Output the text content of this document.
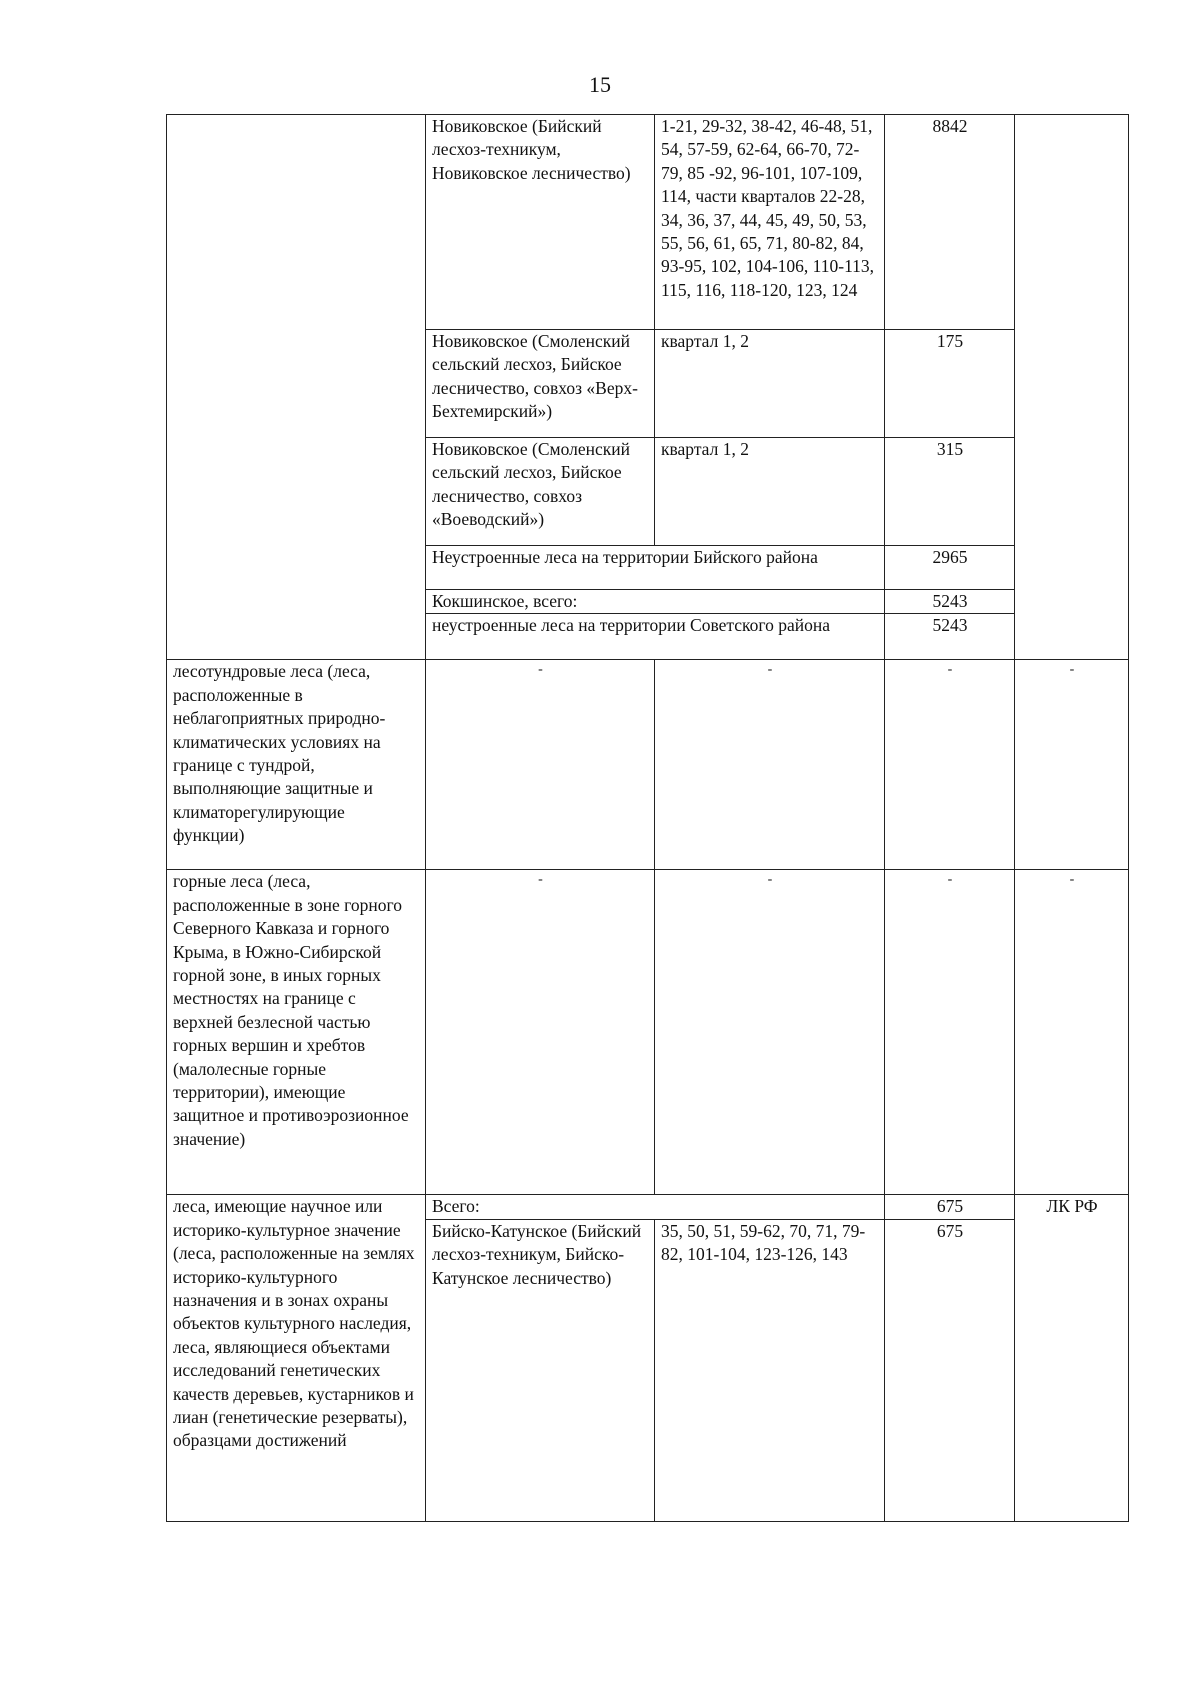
15
	Новиковское (Бийский лесхоз-техникум, Новиковское лесничество)	1-21, 29-32, 38-42, 46-48, 51, 54, 57-59, 62-64, 66-70, 72-79, 85 -92, 96-101, 107-109, 114, части кварталов 22-28, 34, 36, 37, 44, 45, 49, 50, 53, 55, 56, 61, 65, 71, 80-82, 84, 93-95, 102, 104-106, 110-113, 115, 116, 118-120, 123, 124	8842	
	Новиковское (Смоленский сельский лесхоз, Бийское лесничество, совхоз «Верх-Бехтемирский»)	квартал 1, 2	175	
	Новиковское (Смоленский сельский лесхоз, Бийское лесничество, совхоз «Воеводский»)	квартал 1, 2	315	
	Неустроенные леса на территории Бийского района		2965	
	Кокшинское, всего:		5243	
	неустроенные леса на территории Советского района		5243	
лесотундровые леса (леса, расположенные в неблагоприятных природно-климатических условиях на границе с тундрой, выполняющие защитные и климаторегулирующие функции)	-	-	-	-
горные леса (леса, расположенные в зоне горного Северного Кавказа и горного Крыма, в Южно-Сибирской горной зоне, в иных горных местностях на границе с верхней безлесной частью горных вершин и хребтов (малолесные горные территории), имеющие защитное и противоэрозионное значение)	-	-	-	-
леса, имеющие научное или историко-культурное значение (леса, расположенные на землях историко-культурного назначения и в зонах охраны объектов культурного наследия, леса, являющиеся объектами исследований генетических качеств деревьев, кустарников и лиан (генетические резерваты), образцами достижений	Всего:		675	ЛК РФ
	Бийско-Катунское (Бийский лесхоз-техникум, Бийско-Катунское лесничество)	35, 50, 51, 59-62, 70, 71, 79-82, 101-104, 123-126, 143	675	
